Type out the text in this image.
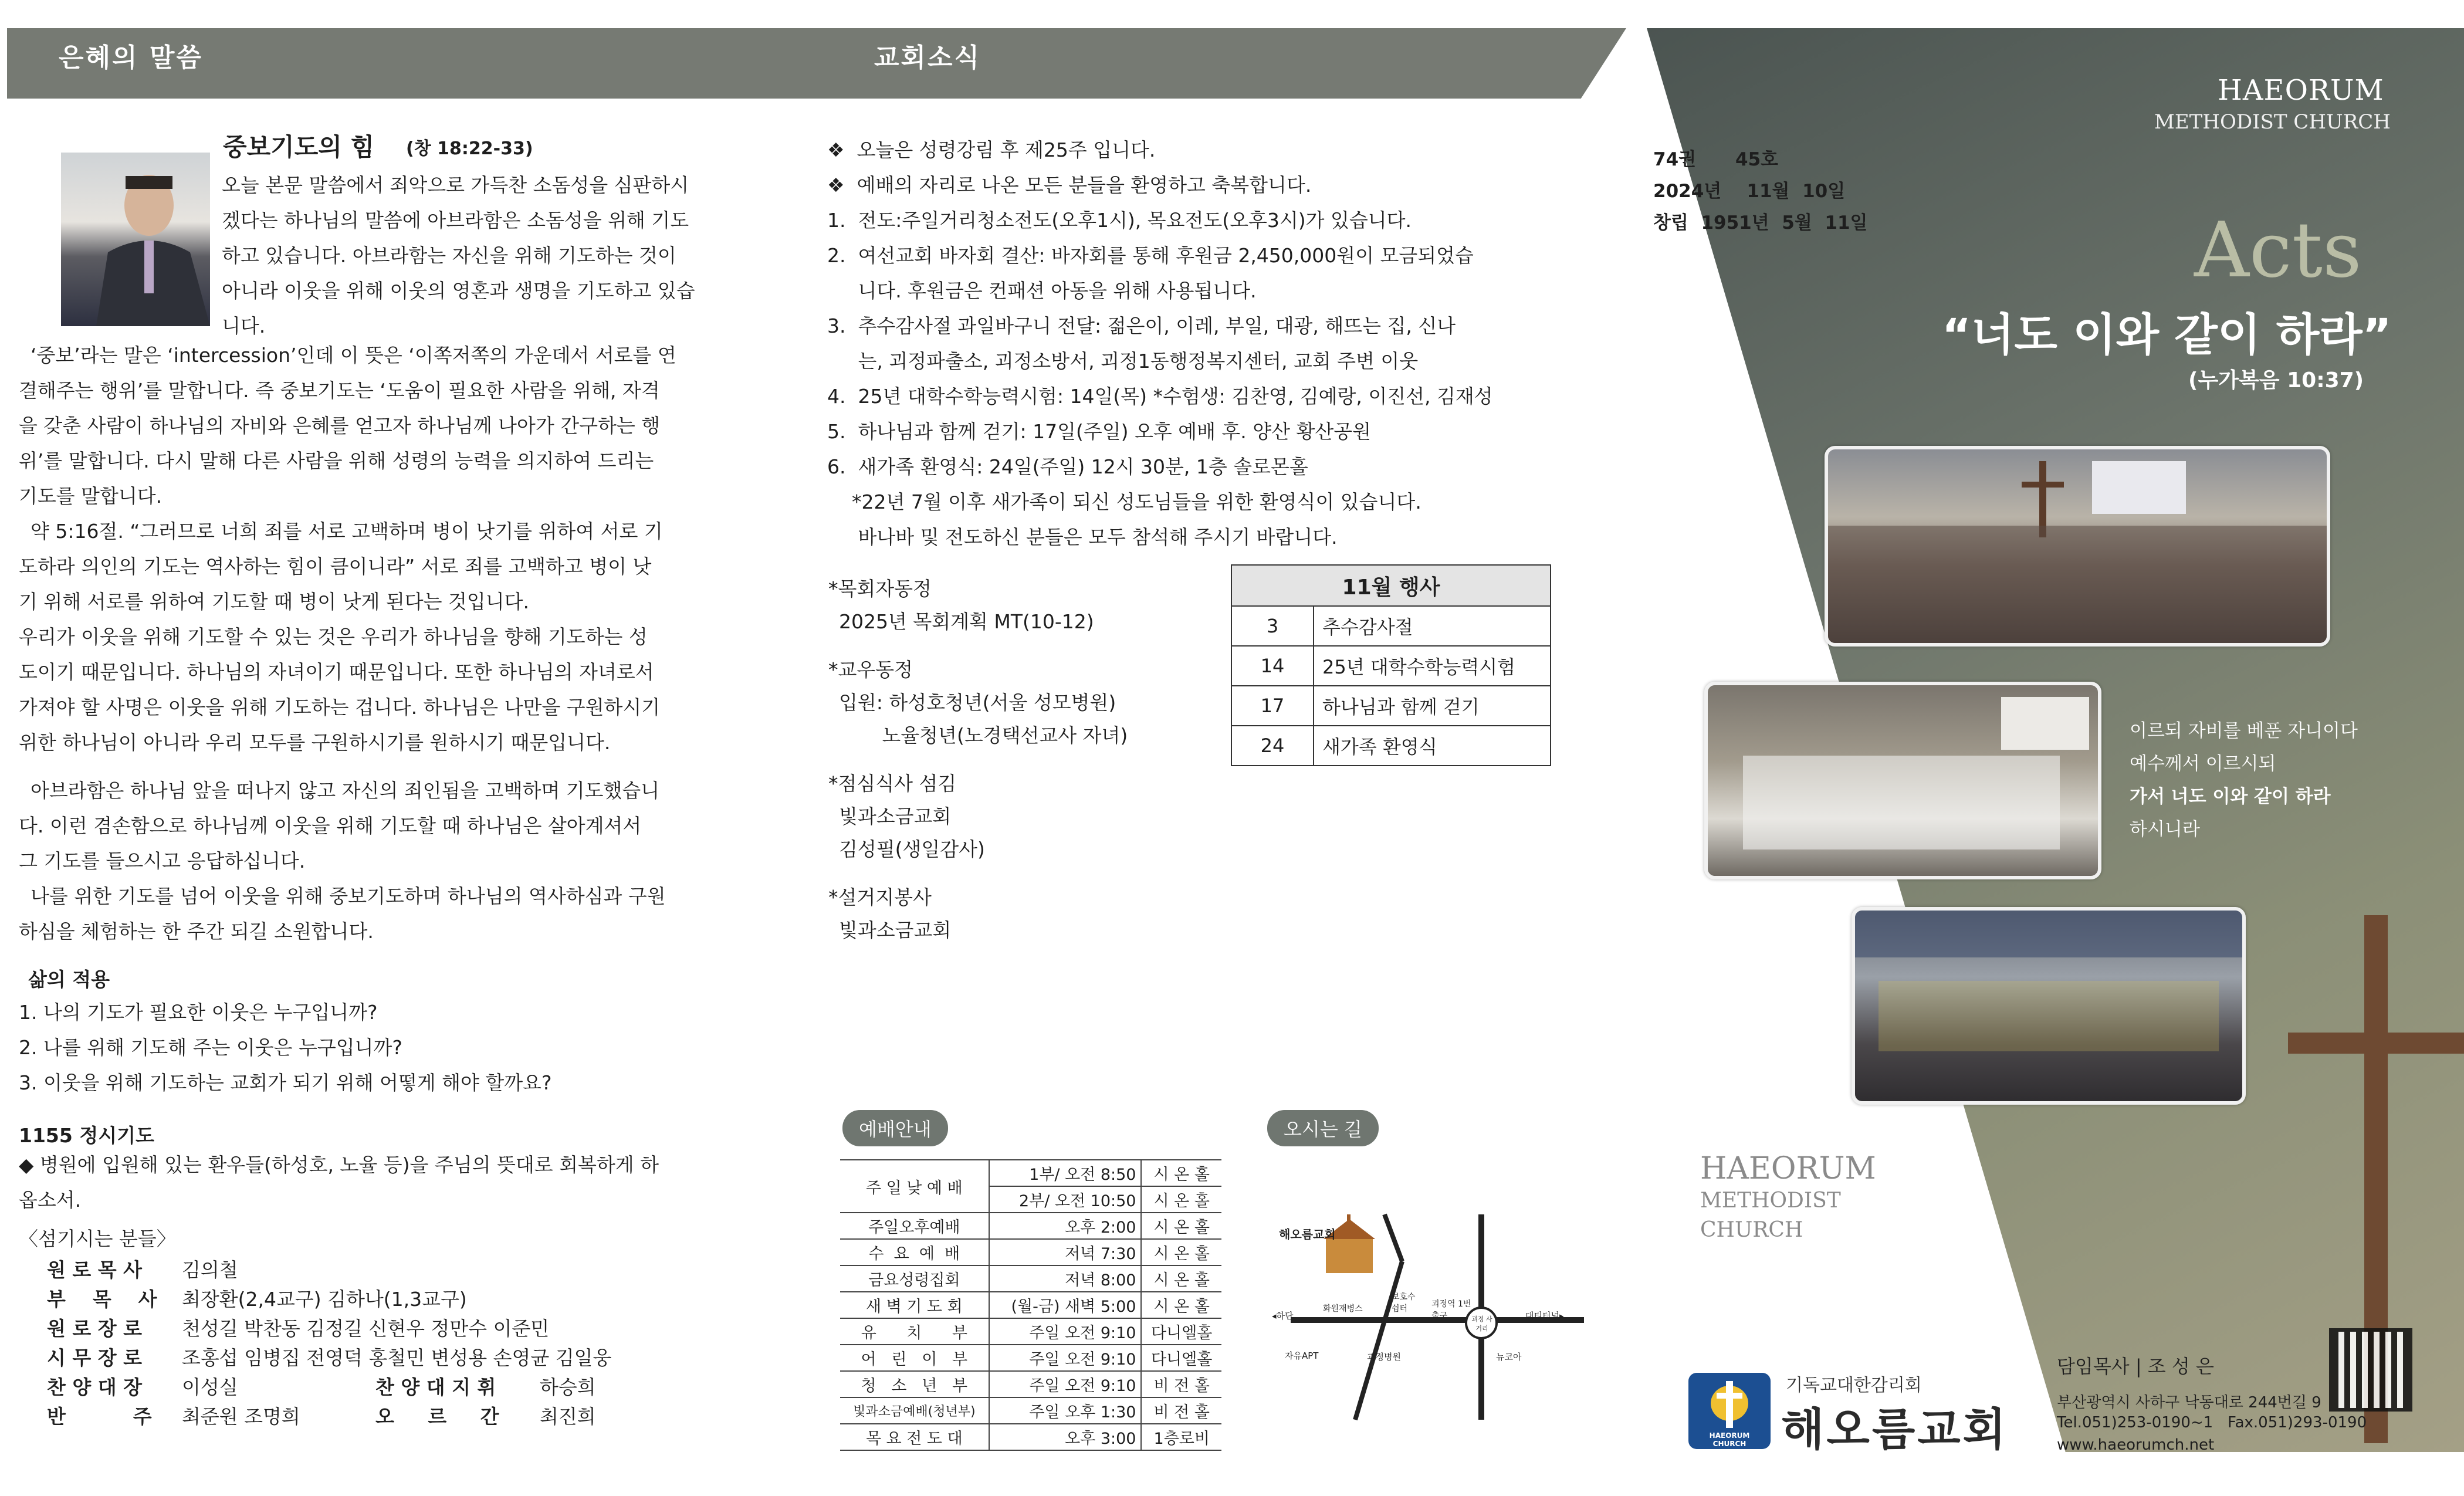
은혜의 말씀	교회소식
HAEORUM
METHODIST CHURCH
74권 45호
2024년    11월  10일
창립  1951년  5월  11일	Acts
“너도 이와 같이 하라”
(누가복음 10:37)
이르되 자비를 베푼 자니이다
예수께서 이르시되
가서 너도 이와 같이 하라
하시니라
HAEORUM
METHODIST
CHURCH
HAEORUM CHURCH
기독교대한감리회
해오름교회
담임목사 | 조 성 은
부산광역시 사하구 낙동대로 244번길 9
Tel.051)253-0190~1   Fax.051)293-0190
www.haeorumch.net
중보기도의 힘 (창 18:22-33)
오늘 본문 말씀에서 죄악으로 가득찬 소돔성을 심판하시
겠다는 하나님의 말씀에 아브라함은 소돔성을 위해 기도
하고 있습니다. 아브라함는 자신을 위해 기도하는 것이
아니라 이웃을 위해 이웃의 영혼과 생명을 기도하고 있습
니다.
‘중보’라는 말은 ‘intercession’인데 이 뜻은 ‘이쪽저쪽의 가운데서 서로를 연
결해주는 행위’를 말합니다. 즉 중보기도는 ‘도움이 필요한 사람을 위해, 자격
을 갖춘 사람이 하나님의 자비와 은혜를 얻고자 하나님께 나아가 간구하는 행
위’를 말합니다. 다시 말해 다른 사람을 위해 성령의 능력을 의지하여 드리는
기도를 말합니다.
약 5:16절. “그러므로 너희 죄를 서로 고백하며 병이 낫기를 위하여 서로 기
도하라 의인의 기도는 역사하는 힘이 큼이니라” 서로 죄를 고백하고 병이 낫
기 위해 서로를 위하여 기도할 때 병이 낫게 된다는 것입니다.
우리가 이웃을 위해 기도할 수 있는 것은 우리가 하나님을 향해 기도하는 성
도이기 때문입니다. 하나님의 자녀이기 때문입니다. 또한 하나님의 자녀로서
가져야 할 사명은 이웃을 위해 기도하는 겁니다. 하나님은 나만을 구원하시기
위한 하나님이 아니라 우리 모두를 구원하시기를 원하시기 때문입니다.
아브라함은 하나님 앞을 떠나지 않고 자신의 죄인됨을 고백하며 기도했습니
다. 이런 겸손함으로 하나님께 이웃을 위해 기도할 때 하나님은 살아계셔서
그 기도를 들으시고 응답하십니다.
나를 위한 기도를 넘어 이웃을 위해 중보기도하며 하나님의 역사하심과 구원
하심을 체험하는 한 주간 되길 소원합니다.
삶의 적용
1. 나의 기도가 필요한 이웃은 누구입니까?
2. 나를 위해 기도해 주는 이웃은 누구입니까?
3. 이웃을 위해 기도하는 교회가 되기 위해 어떻게 해야 할까요?
1155 정시기도
◆ 병원에 입원해 있는 환우들(하성호, 노율 등)을 주님의 뜻대로 회복하게 하
옵소서.
〈섬기시는 분들〉
원 로 목 사 김의철
부    목    사 최장환(2,4교구) 김하나(1,3교구)
원 로 장 로 천성길 박찬동 김정길 신현우 정만수 이준민
시 무 장 로 조홍섭 임병집 전영덕 홍철민 변성용 손영균 김일웅
찬 양 대 장 이성실	찬 양 대 지 휘 하승희
반          주 최준원 조명희	오     르     간 최진희
❖  오늘은 성령강림 후 제25주 입니다.
❖  예배의 자리로 나온 모든 분들을 환영하고 축복합니다.
1.  전도:주일거리청소전도(오후1시), 목요전도(오후3시)가 있습니다.
2.  여선교회 바자회 결산: 바자회를 통해 후원금 2,450,000원이 모금되었습
니다. 후원금은 컨패션 아동을 위해 사용됩니다.
3.  추수감사절 과일바구니 전달: 젊은이, 이레, 부일, 대광, 해뜨는 집, 신나
는, 괴정파출소, 괴정소방서, 괴정1동행정복지센터, 교회 주변 이웃
4.  25년 대학수학능력시험: 14일(목) *수험생: 김찬영, 김예랑, 이진선, 김재성
5.  하나님과 함께 걷기: 17일(주일) 오후 예배 후. 양산 황산공원
6.  새가족 환영식: 24일(주일) 12시 30분, 1층 솔로몬홀
*22년 7월 이후 새가족이 되신 성도님들을 위한 환영식이 있습니다.
바나바 및 전도하신 분들은 모두 참석해 주시기 바랍니다.
*목회자동정
2025년 목회계획 MT(10-12)
*교우동정
입원: 하성호청년(서울 성모병원)
노율청년(노경택선교사 자녀)
*점심식사 섬김
빛과소금교회
김성필(생일감사)
*설거지봉사
빛과소금교회
11월 행사	
3	추수감사절
14	25년 대학수학능력시험
17	하나님과 함께 걷기
24	새가족 환영식
예배안내
주 일 낮 예 배	1부/ 오전 8:50	시 온 홀
	2부/ 오전 10:50	시 온 홀
주일오후예배	오후 2:00	시 온 홀
수  요  예  배	저녁 7:30	시 온 홀
금요성령집회	저녁 8:00	시 온 홀
새 벽 기 도 회	(월-금) 새벽 5:00	시 온 홀
유      치      부	주일 오전 9:10	다니엘홀
어   린   이   부	주일 오전 9:10	다니엘홀
청   소   년   부	주일 오전 9:10	비 전 홀
빛과소금예배(청년부)	주일 오후 1:30	비 전 홀
목 요 전 도 대	오후 3:00	1층로비
오시는 길
해오름교회
◂하단	대티터널▸
자유APT
화원재병스
보호수 쉼터	괴정역 1번출구	괴정 사거리
괴정병원	뉴코아
